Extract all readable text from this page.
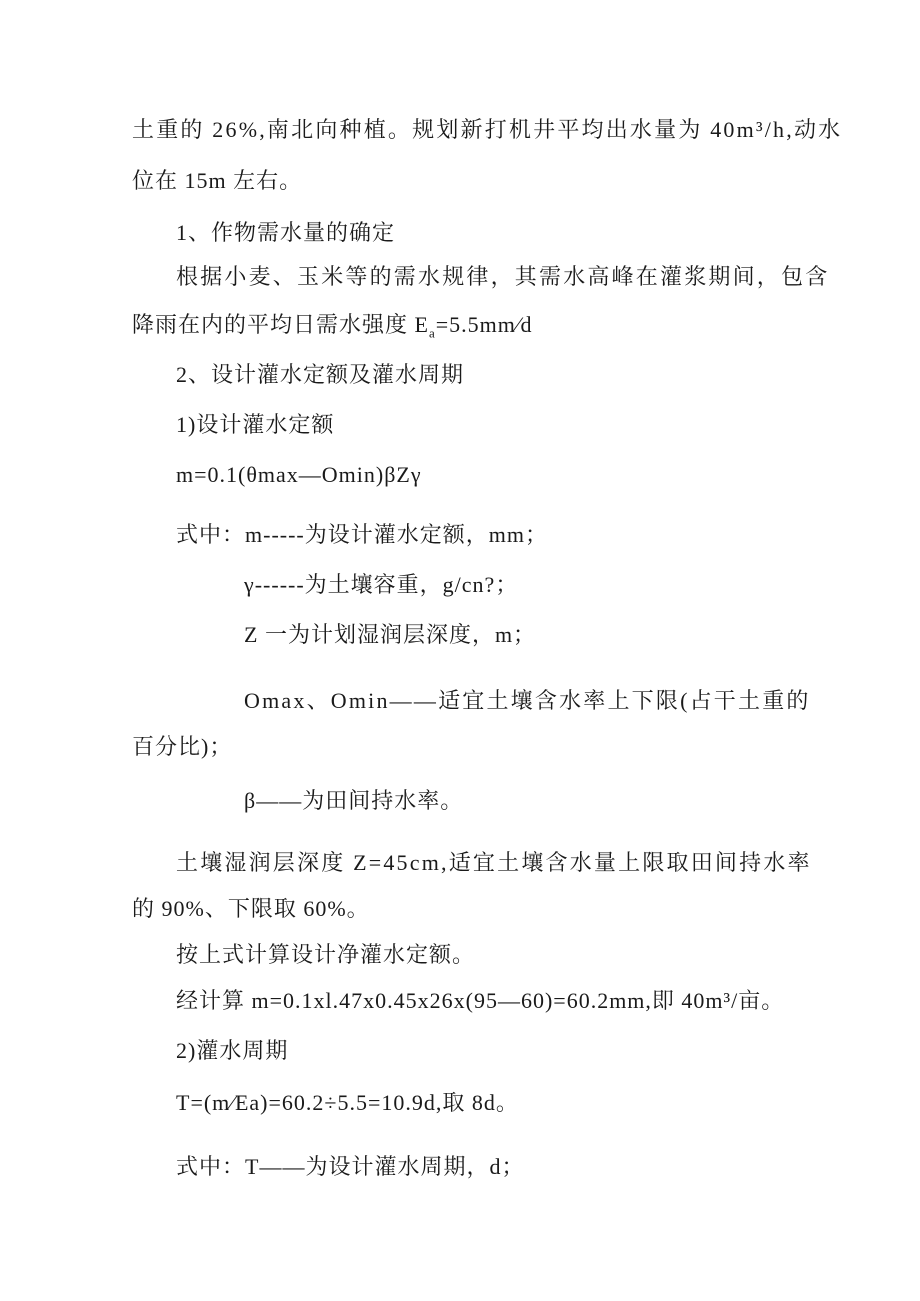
土重的 26%,南北向种植。规划新打机井平均出水量为 40m³/h,动水
位在 15m 左右。
1、作物需水量的确定
根据小麦、玉米等的需水规律，其需水高峰在灌浆期间，包含
降雨在内的平均日需水强度 $E_a=5.5mm⁄d$
2、设计灌水定额及灌水周期
1)设计灌水定额
m=0.1(θmax—Omin)βZγ
式中：m-----为设计灌水定额，mm；
γ------为土壤容重，g/cn?；
Z 一为计划湿润层深度，m；
Omax、Omin——适宜土壤含水率上下限(占干土重的
百分比)；
β——为田间持水率。
土壤湿润层深度 Z=45cm,适宜土壤含水量上限取田间持水率
的 90%、下限取 60%。
按上式计算设计净灌水定额。
经计算 m=0.1xl.47x0.45x26x(95—60)=60.2mm,即 40m³/亩。
2)灌水周期
T=(m⁄Ea)=60.2÷5.5=10.9d,取 8d。
式中：T——为设计灌水周期，d；
